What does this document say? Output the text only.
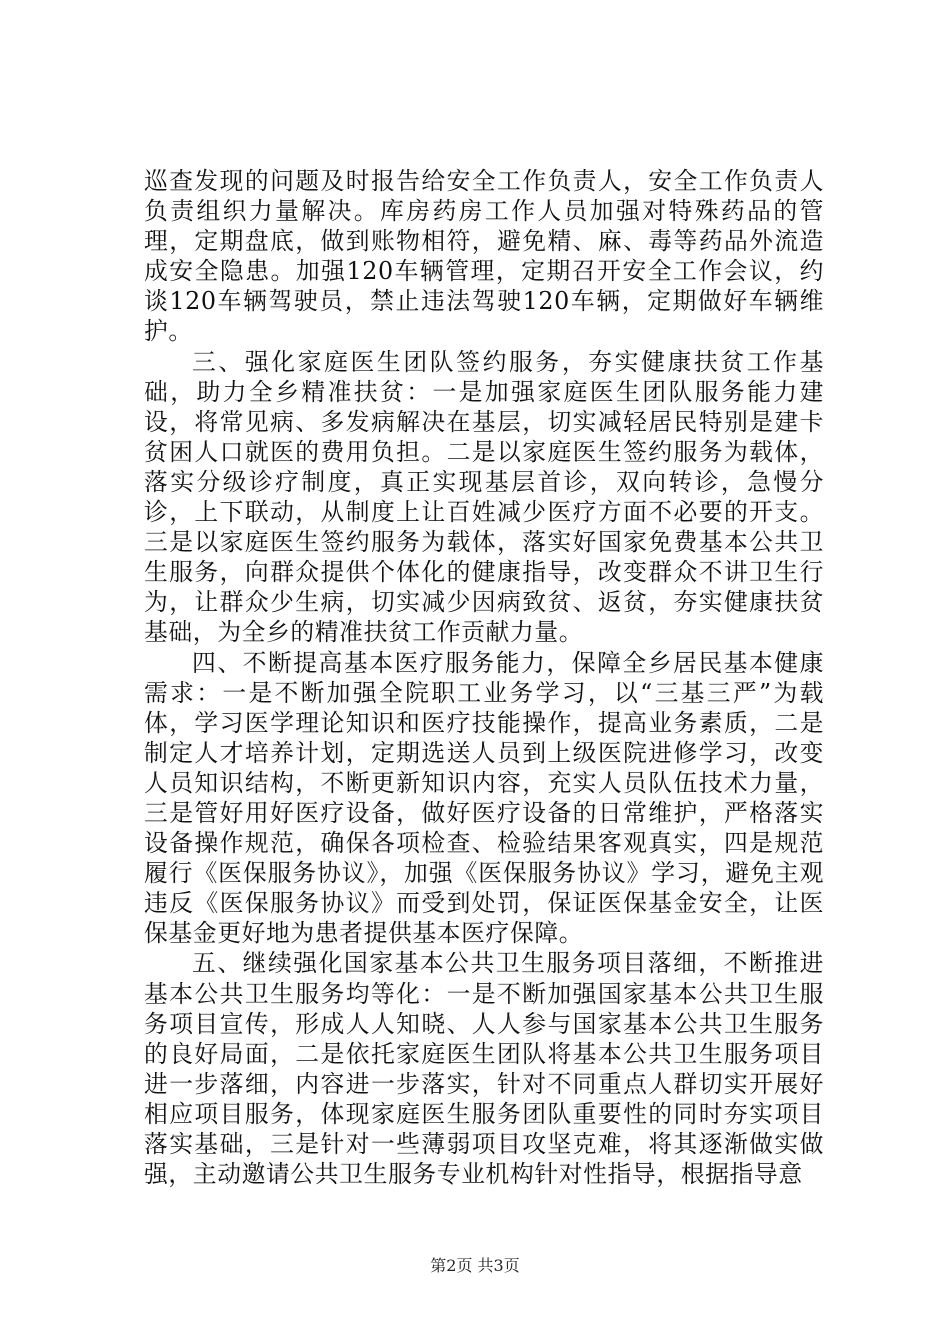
巡查发现的问题及时报告给安全工作负责人，安全工作负责人负责组织力量解决。库房药房工作人员加强对特殊药品的管理，定期盘底，做到账物相符，避免精、麻、毒等药品外流造成安全隐患。加强120车辆管理，定期召开安全工作会议，约谈120车辆驾驶员，禁止违法驾驶120车辆，定期做好车辆维护。

三、强化家庭医生团队签约服务，夯实健康扶贫工作基础，助力全乡精准扶贫：一是加强家庭医生团队服务能力建设，将常见病、多发病解决在基层，切实减轻居民特别是建卡贫困人口就医的费用负担。二是以家庭医生签约服务为载体，落实分级诊疗制度，真正实现基层首诊，双向转诊，急慢分诊，上下联动，从制度上让百姓减少医疗方面不必要的开支。三是以家庭医生签约服务为载体，落实好国家免费基本公共卫生服务，向群众提供个体化的健康指导，改变群众不讲卫生行为，让群众少生病，切实减少因病致贫、返贫，夯实健康扶贫基础，为全乡的精准扶贫工作贡献力量。

四、不断提高基本医疗服务能力，保障全乡居民基本健康需求：一是不断加强全院职工业务学习，以“三基三严”为载体，学习医学理论知识和医疗技能操作，提高业务素质，二是制定人才培养计划，定期选送人员到上级医院进修学习，改变人员知识结构，不断更新知识内容，充实人员队伍技术力量，三是管好用好医疗设备，做好医疗设备的日常维护，严格落实设备操作规范，确保各项检查、检验结果客观真实，四是规范履行《医保服务协议》，加强《医保服务协议》学习，避免主观违反《医保服务协议》而受到处罚，保证医保基金安全，让医保基金更好地为患者提供基本医疗保障。

五、继续强化国家基本公共卫生服务项目落细，不断推进基本公共卫生服务均等化：一是不断加强国家基本公共卫生服务项目宣传，形成人人知晓、人人参与国家基本公共卫生服务的良好局面，二是依托家庭医生团队将基本公共卫生服务项目进一步落细，内容进一步落实，针对不同重点人群切实开展好相应项目服务，体现家庭医生服务团队重要性的同时夯实项目落实基础，三是针对一些薄弱项目攻坚克难，将其逐渐做实做强，主动邀请公共卫生服务专业机构针对性指导，根据指导意

第2页 共3页
